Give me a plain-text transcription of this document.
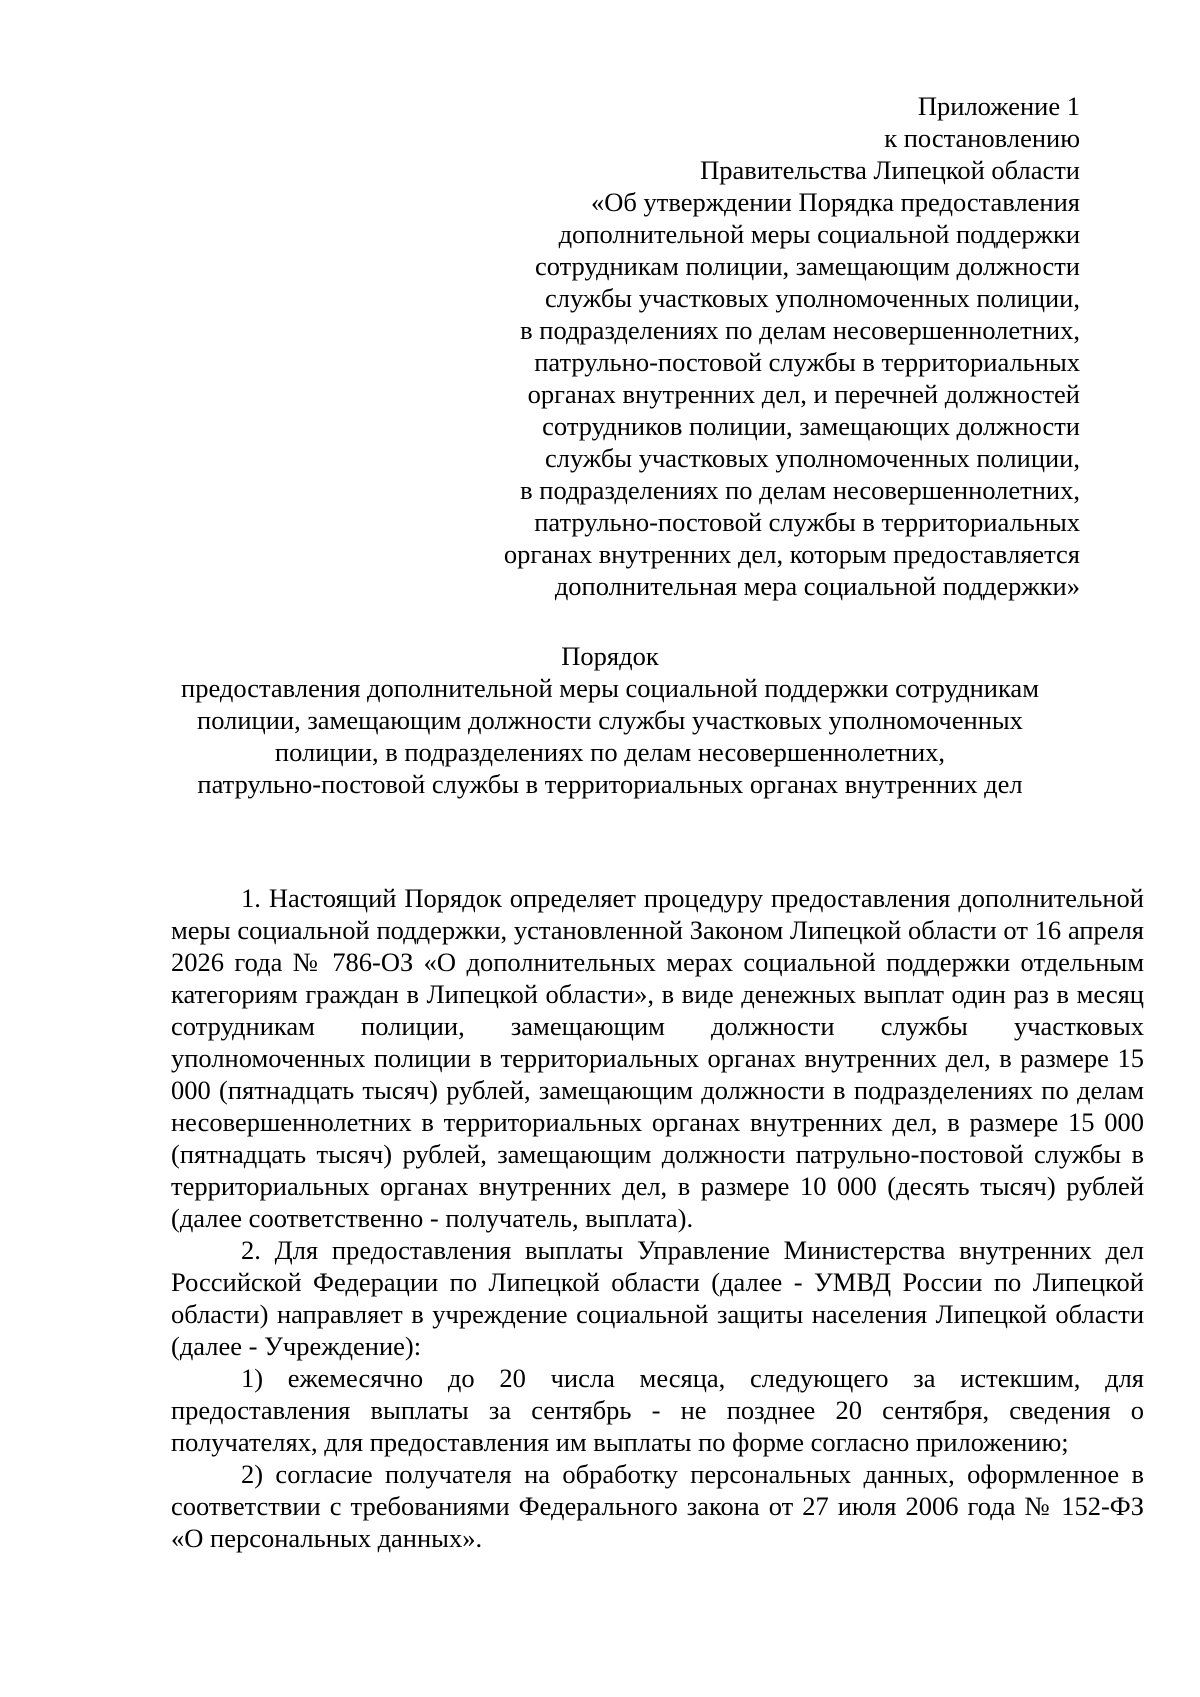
Приложение 1
к постановлению
Правительства Липецкой области
«Об утверждении Порядка предоставления
дополнительной меры социальной поддержки
сотрудникам полиции, замещающим должности
службы участковых уполномоченных полиции,
в подразделениях по делам несовершеннолетних,
патрульно-постовой службы в территориальных
органах внутренних дел, и перечней должностей
сотрудников полиции, замещающих должности
службы участковых уполномоченных полиции,
в подразделениях по делам несовершеннолетних,
патрульно-постовой службы в территориальных
органах внутренних дел, которым предоставляется
дополнительная мера социальной поддержки»
Порядок
предоставления дополнительной меры социальной поддержки сотрудникам
полиции, замещающим должности службы участковых уполномоченных
полиции, в подразделениях по делам несовершеннолетних,
патрульно-постовой службы в территориальных органах внутренних дел

1. Настоящий Порядок определяет процедуру предоставления дополнительной меры социальной поддержки, установленной Законом Липецкой области от 16 апреля 2026 года № 786-ОЗ «О дополнительных мерах социальной поддержки отдельным категориям граждан в Липецкой области», в виде денежных выплат один раз в месяц сотрудникам полиции, замещающим должности службы участковых уполномоченных полиции в территориальных органах внутренних дел, в размере 15 000 (пятнадцать тысяч) рублей, замещающим должности в подразделениях по делам несовершеннолетних в территориальных органах внутренних дел, в размере 15 000 (пятнадцать тысяч) рублей, замещающим должности патрульно-постовой службы в территориальных органах внутренних дел, в размере 10 000 (десять тысяч) рублей (далее соответственно - получатель, выплата).

2. Для предоставления выплаты Управление Министерства внутренних дел Российской Федерации по Липецкой области (далее - УМВД России по Липецкой области) направляет в учреждение социальной защиты населения Липецкой области (далее - Учреждение):

1) ежемесячно до 20 числа месяца, следующего за истекшим, для предоставления выплаты за сентябрь - не позднее 20 сентября, сведения о получателях, для предоставления им выплаты по форме согласно приложению;

2) согласие получателя на обработку персональных данных, оформленное в соответствии с требованиями Федерального закона от 27 июля 2006 года № 152-ФЗ «О персональных данных».
